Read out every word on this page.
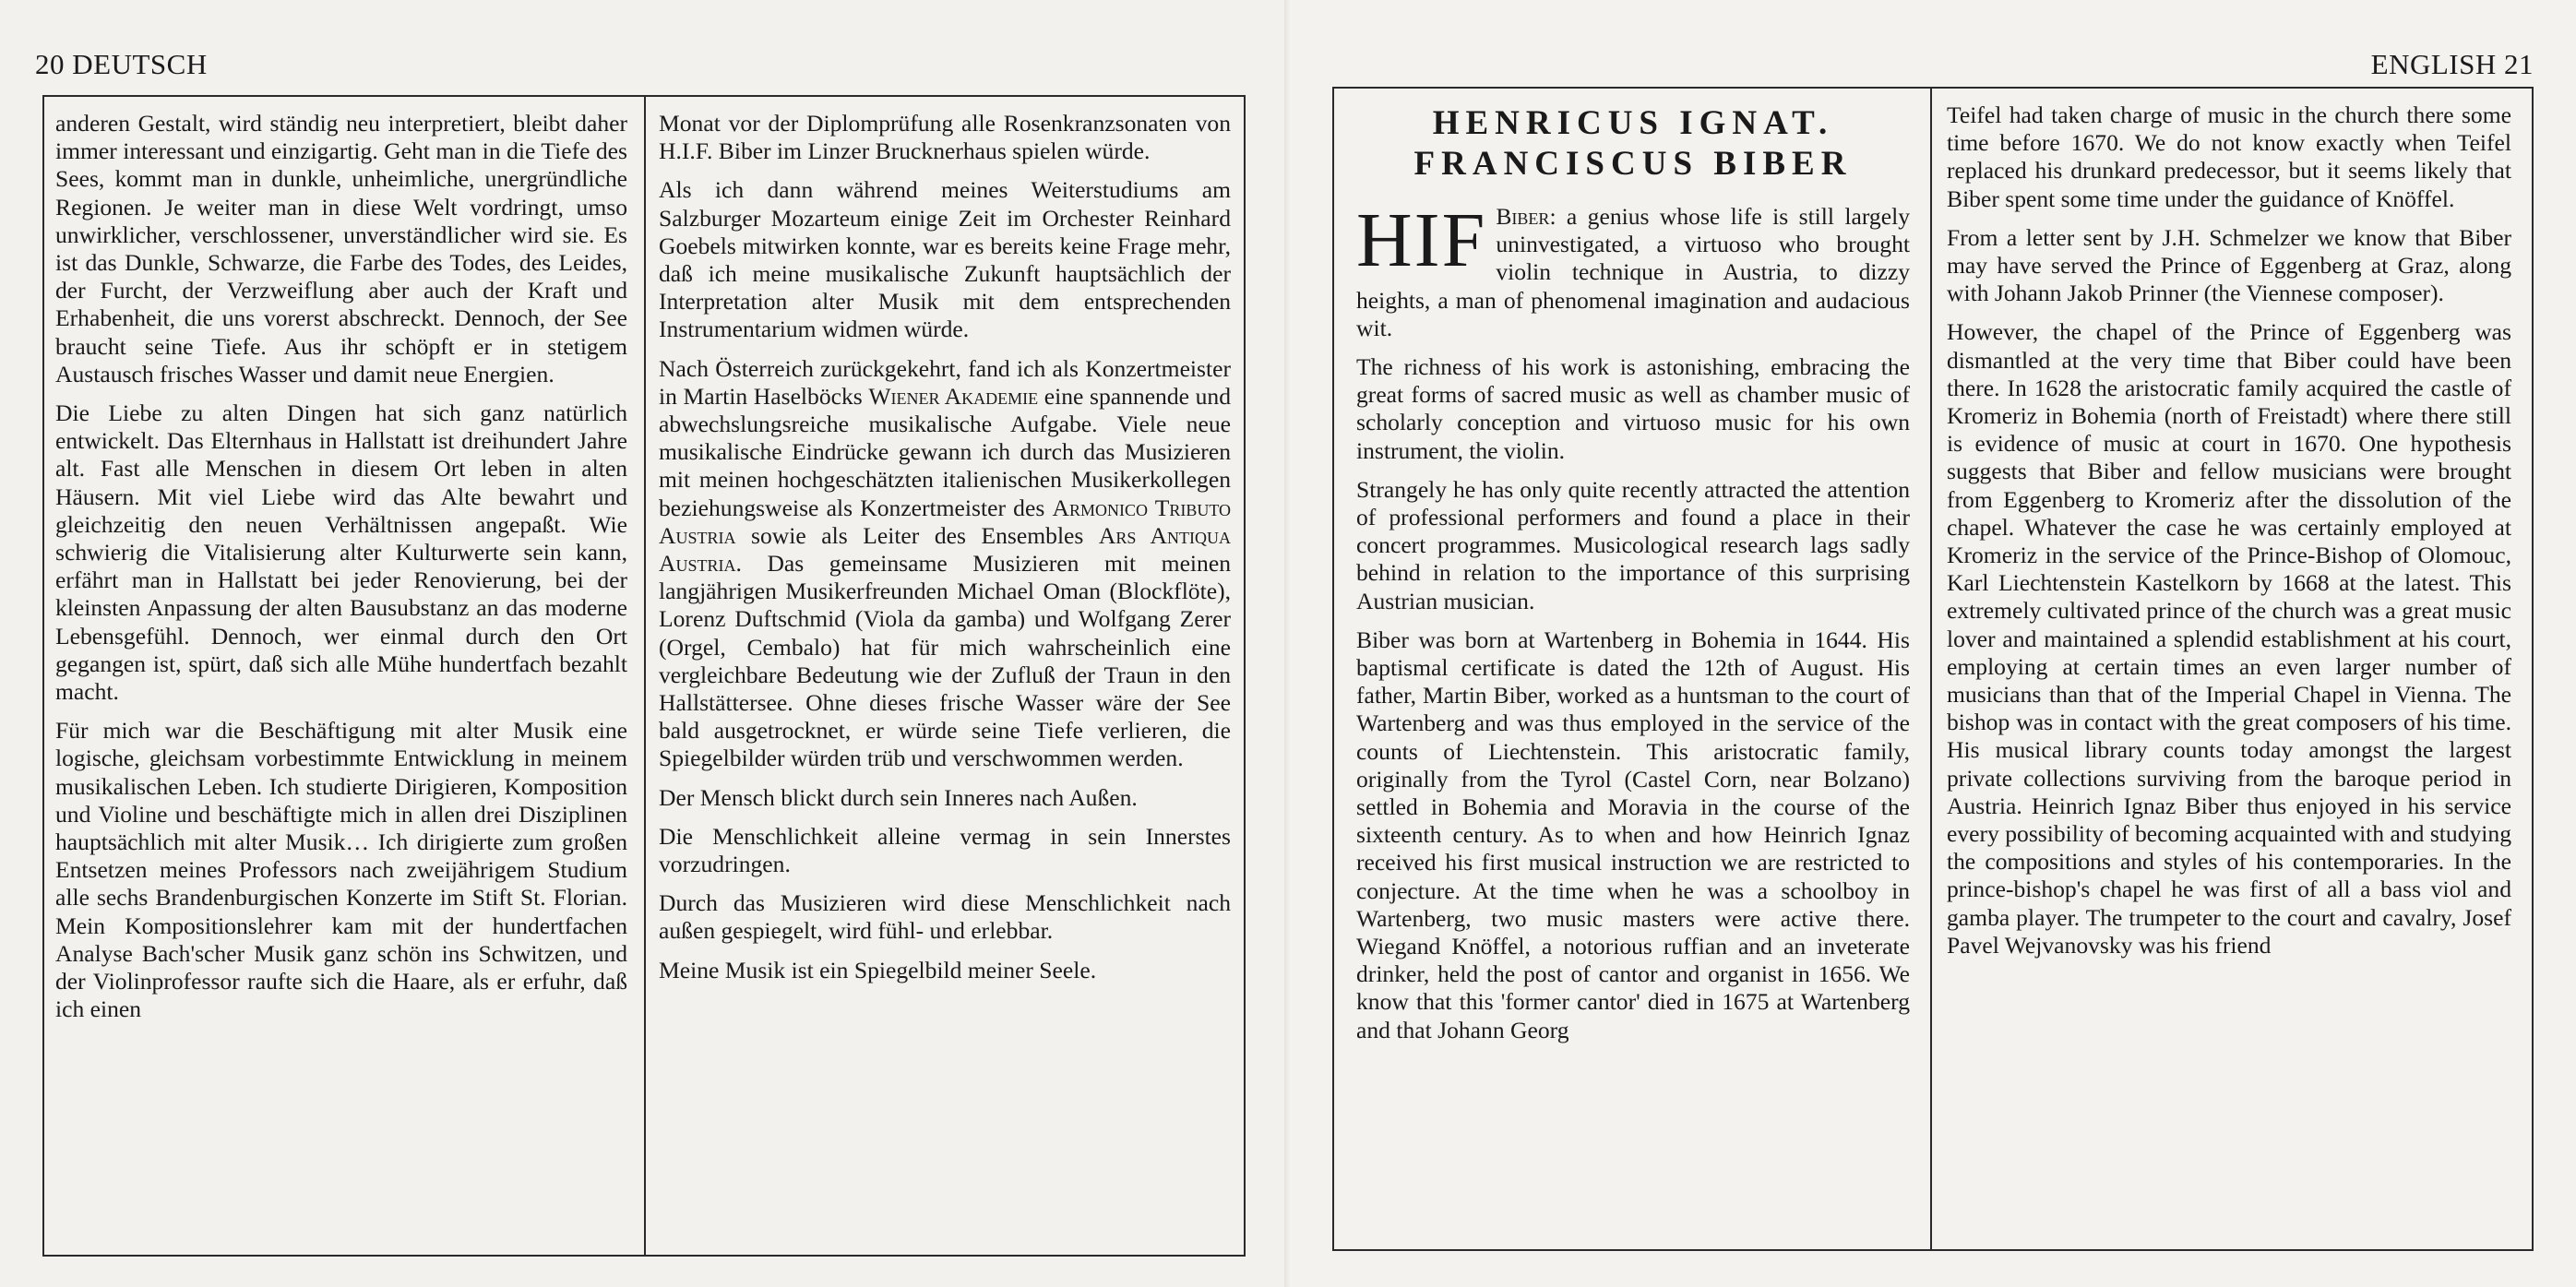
20 DEUTSCH

anderen Gestalt, wird ständig neu interpretiert, bleibt daher immer interessant und einzigartig. Geht man in die Tiefe des Sees, kommt man in dunkle, unheimliche, unergründliche Regionen. Je weiter man in diese Welt vordringt, umso unwirklicher, verschlossener, unverständlicher wird sie. Es ist das Dunkle, Schwarze, die Farbe des Todes, des Leides, der Furcht, der Verzweiflung aber auch der Kraft und Erhabenheit, die uns vorerst abschreckt. Dennoch, der See braucht seine Tiefe. Aus ihr schöpft er in stetigem Austausch frisches Wasser und damit neue Energien.

Die Liebe zu alten Dingen hat sich ganz natürlich entwickelt. Das Elternhaus in Hallstatt ist dreihundert Jahre alt. Fast alle Menschen in diesem Ort leben in alten Häusern. Mit viel Liebe wird das Alte bewahrt und gleichzeitig den neuen Verhältnissen angepaßt. Wie schwierig die Vitalisierung alter Kulturwerte sein kann, erfährt man in Hallstatt bei jeder Renovierung, bei der kleinsten Anpassung der alten Bausubstanz an das moderne Lebensgefühl. Dennoch, wer einmal durch den Ort gegangen ist, spürt, daß sich alle Mühe hundertfach bezahlt macht.

Für mich war die Beschäftigung mit alter Musik eine logische, gleichsam vorbestimmte Entwicklung in meinem musikalischen Leben. Ich studierte Dirigieren, Komposition und Violine und beschäftigte mich in allen drei Disziplinen hauptsächlich mit alter Musik… Ich dirigierte zum großen Entsetzen meines Professors nach zweijährigem Studium alle sechs Brandenburgischen Konzerte im Stift St. Florian. Mein Kompositionslehrer kam mit der hundertfachen Analyse Bach'scher Musik ganz schön ins Schwitzen, und der Violinprofessor raufte sich die Haare, als er erfuhr, daß ich einen

Monat vor der Diplomprüfung alle Rosenkranzsonaten von H.I.F. Biber im Linzer Brucknerhaus spielen würde.

Als ich dann während meines Weiterstudiums am Salzburger Mozarteum einige Zeit im Orchester Reinhard Goebels mitwirken konnte, war es bereits keine Frage mehr, daß ich meine musikalische Zukunft hauptsächlich der Interpretation alter Musik mit dem entsprechenden Instrumentarium widmen würde.

Nach Österreich zurückgekehrt, fand ich als Konzertmeister in Martin Haselböcks Wiener Akademie eine spannende und abwechslungsreiche musikalische Aufgabe. Viele neue musikalische Eindrücke gewann ich durch das Musizieren mit meinen hochgeschätzten italienischen Musikerkollegen beziehungsweise als Konzertmeister des Armonico Tributo Austria sowie als Leiter des Ensembles Ars Antiqua Austria. Das gemeinsame Musizieren mit meinen langjährigen Musikerfreunden Michael Oman (Blockflöte), Lorenz Duftschmid (Viola da gamba) und Wolfgang Zerer (Orgel, Cembalo) hat für mich wahrscheinlich eine vergleichbare Bedeutung wie der Zufluß der Traun in den Hallstättersee. Ohne dieses frische Wasser wäre der See bald ausgetrocknet, er würde seine Tiefe verlieren, die Spiegelbilder würden trüb und verschwommen werden.

Der Mensch blickt durch sein Inneres nach Außen.

Die Menschlichkeit alleine vermag in sein Innerstes vorzudringen.

Durch das Musizieren wird diese Menschlichkeit nach außen gespiegelt, wird fühl- und erlebbar.

Meine Musik ist ein Spiegelbild meiner Seele.

ENGLISH 21
HENRICUS IGNAT.
FRANCISCUS BIBER

HIF Biber: a genius whose life is still largely uninvestigated, a virtuoso who brought violin technique in Austria, to dizzy heights, a man of phenomenal imagination and audacious wit.

The richness of his work is astonishing, embracing the great forms of sacred music as well as chamber music of scholarly conception and virtuoso music for his own instrument, the violin.

Strangely he has only quite recently attracted the attention of professional performers and found a place in their concert programmes. Musicological research lags sadly behind in relation to the importance of this surprising Austrian musician.

Biber was born at Wartenberg in Bohemia in 1644. His baptismal certificate is dated the 12th of August. His father, Martin Biber, worked as a huntsman to the court of Wartenberg and was thus employed in the service of the counts of Liechtenstein. This aristocratic family, originally from the Tyrol (Castel Corn, near Bolzano) settled in Bohemia and Moravia in the course of the sixteenth century. As to when and how Heinrich Ignaz received his first musical instruction we are restricted to conjecture. At the time when he was a schoolboy in Wartenberg, two music masters were active there. Wiegand Knöffel, a notorious ruffian and an inveterate drinker, held the post of cantor and organist in 1656. We know that this 'former cantor' died in 1675 at Wartenberg and that Johann Georg

Teifel had taken charge of music in the church there some time before 1670. We do not know exactly when Teifel replaced his drunkard predecessor, but it seems likely that Biber spent some time under the guidance of Knöffel.

From a letter sent by J.H. Schmelzer we know that Biber may have served the Prince of Eggenberg at Graz, along with Johann Jakob Prinner (the Viennese composer).

However, the chapel of the Prince of Eggenberg was dismantled at the very time that Biber could have been there. In 1628 the aristocratic family acquired the castle of Kromeriz in Bohemia (north of Freistadt) where there still is evidence of music at court in 1670. One hypothesis suggests that Biber and fellow musicians were brought from Eggenberg to Kromeriz after the dissolution of the chapel. Whatever the case he was certainly employed at Kromeriz in the service of the Prince-Bishop of Olomouc, Karl Liechtenstein Kastelkorn by 1668 at the latest. This extremely cultivated prince of the church was a great music lover and maintained a splendid establishment at his court, employing at certain times an even larger number of musicians than that of the Imperial Chapel in Vienna. The bishop was in contact with the great composers of his time. His musical library counts today amongst the largest private collections surviving from the baroque period in Austria. Heinrich Ignaz Biber thus enjoyed in his service every possibility of becoming acquainted with and studying the compositions and styles of his contemporaries. In the prince-bishop's chapel he was first of all a bass viol and gamba player. The trumpeter to the court and cavalry, Josef Pavel Wejvanovsky was his friend
